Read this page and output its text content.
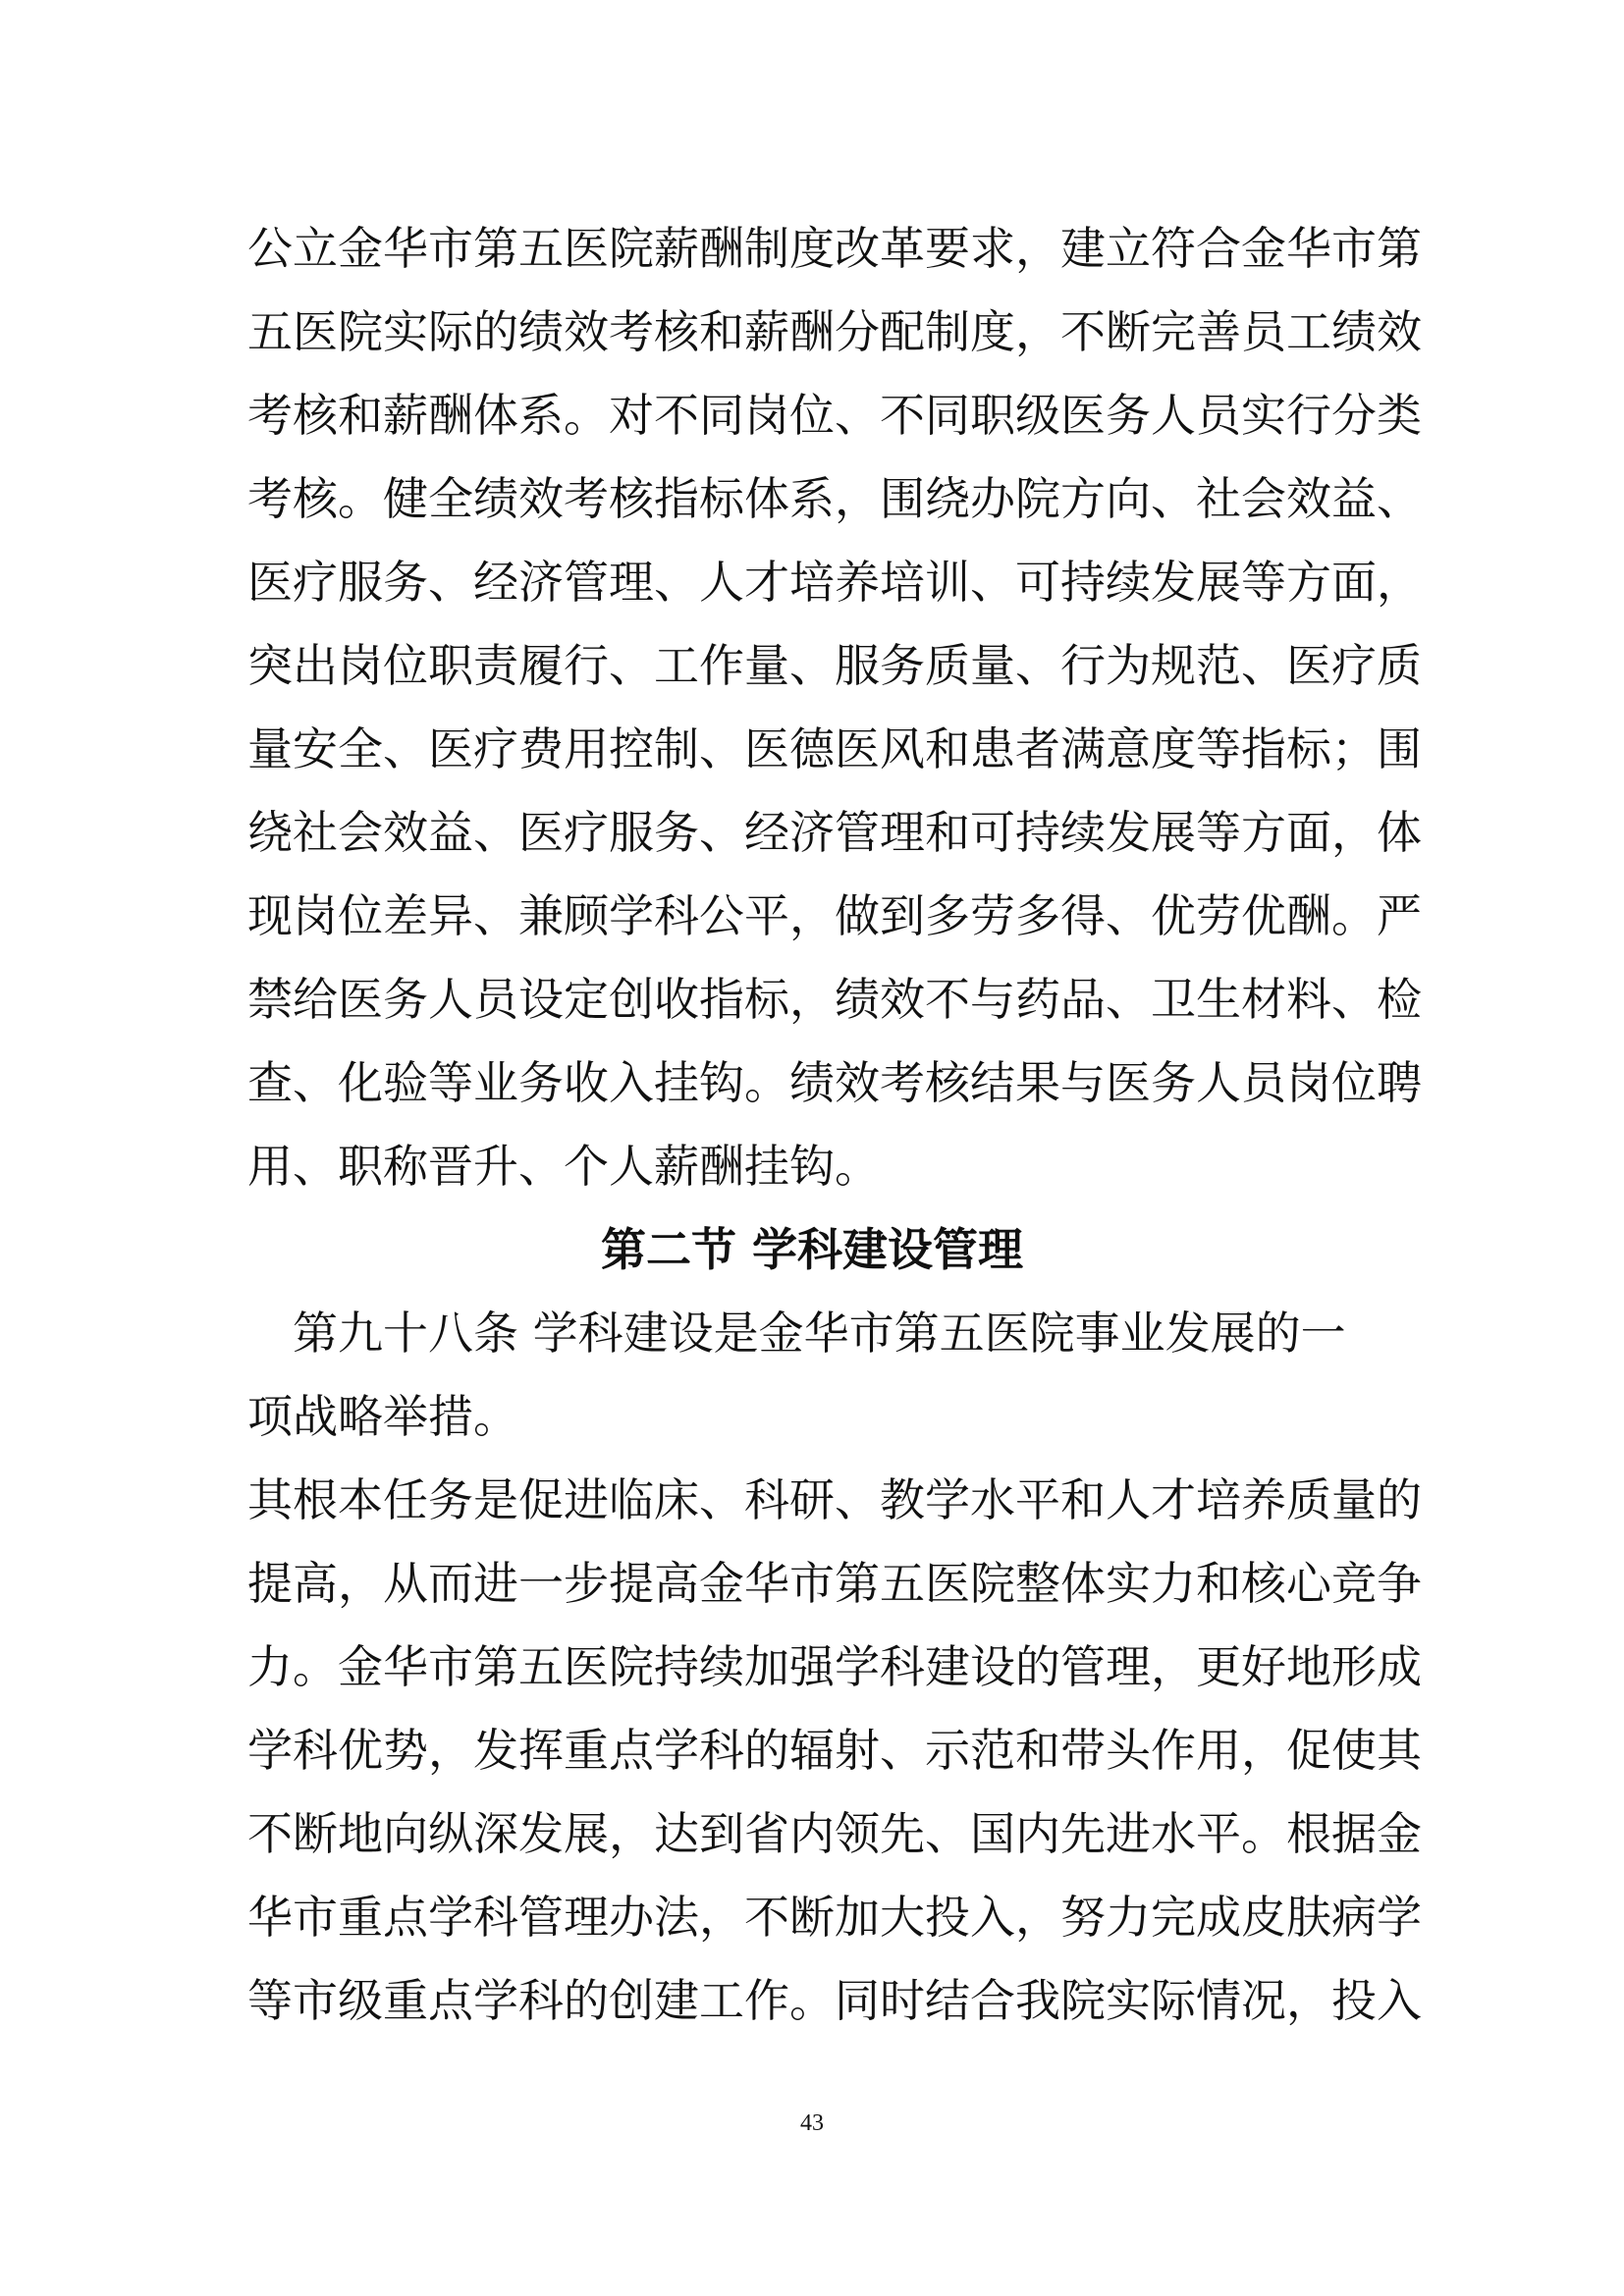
公立金华市第五医院薪酬制度改革要求，建立符合金华市第
五医院实际的绩效考核和薪酬分配制度，不断完善员工绩效
考核和薪酬体系。对不同岗位、不同职级医务人员实行分类
考核。健全绩效考核指标体系，围绕办院方向、社会效益、
医疗服务、经济管理、人才培养培训、可持续发展等方面，
突出岗位职责履行、工作量、服务质量、行为规范、医疗质
量安全、医疗费用控制、医德医风和患者满意度等指标；围
绕社会效益、医疗服务、经济管理和可持续发展等方面，体
现岗位差异、兼顾学科公平，做到多劳多得、优劳优酬。严
禁给医务人员设定创收指标，绩效不与药品、卫生材料、检
查、化验等业务收入挂钩。绩效考核结果与医务人员岗位聘
用、职称晋升、个人薪酬挂钩。
第二节 学科建设管理
　第九十八条 学科建设是金华市第五医院事业发展的一
项战略举措。
其根本任务是促进临床、科研、教学水平和人才培养质量的
提高，从而进一步提高金华市第五医院整体实力和核心竞争
力。金华市第五医院持续加强学科建设的管理，更好地形成
学科优势，发挥重点学科的辐射、示范和带头作用，促使其
不断地向纵深发展，达到省内领先、国内先进水平。根据金
华市重点学科管理办法，不断加大投入，努力完成皮肤病学
等市级重点学科的创建工作。同时结合我院实际情况，投入
43
